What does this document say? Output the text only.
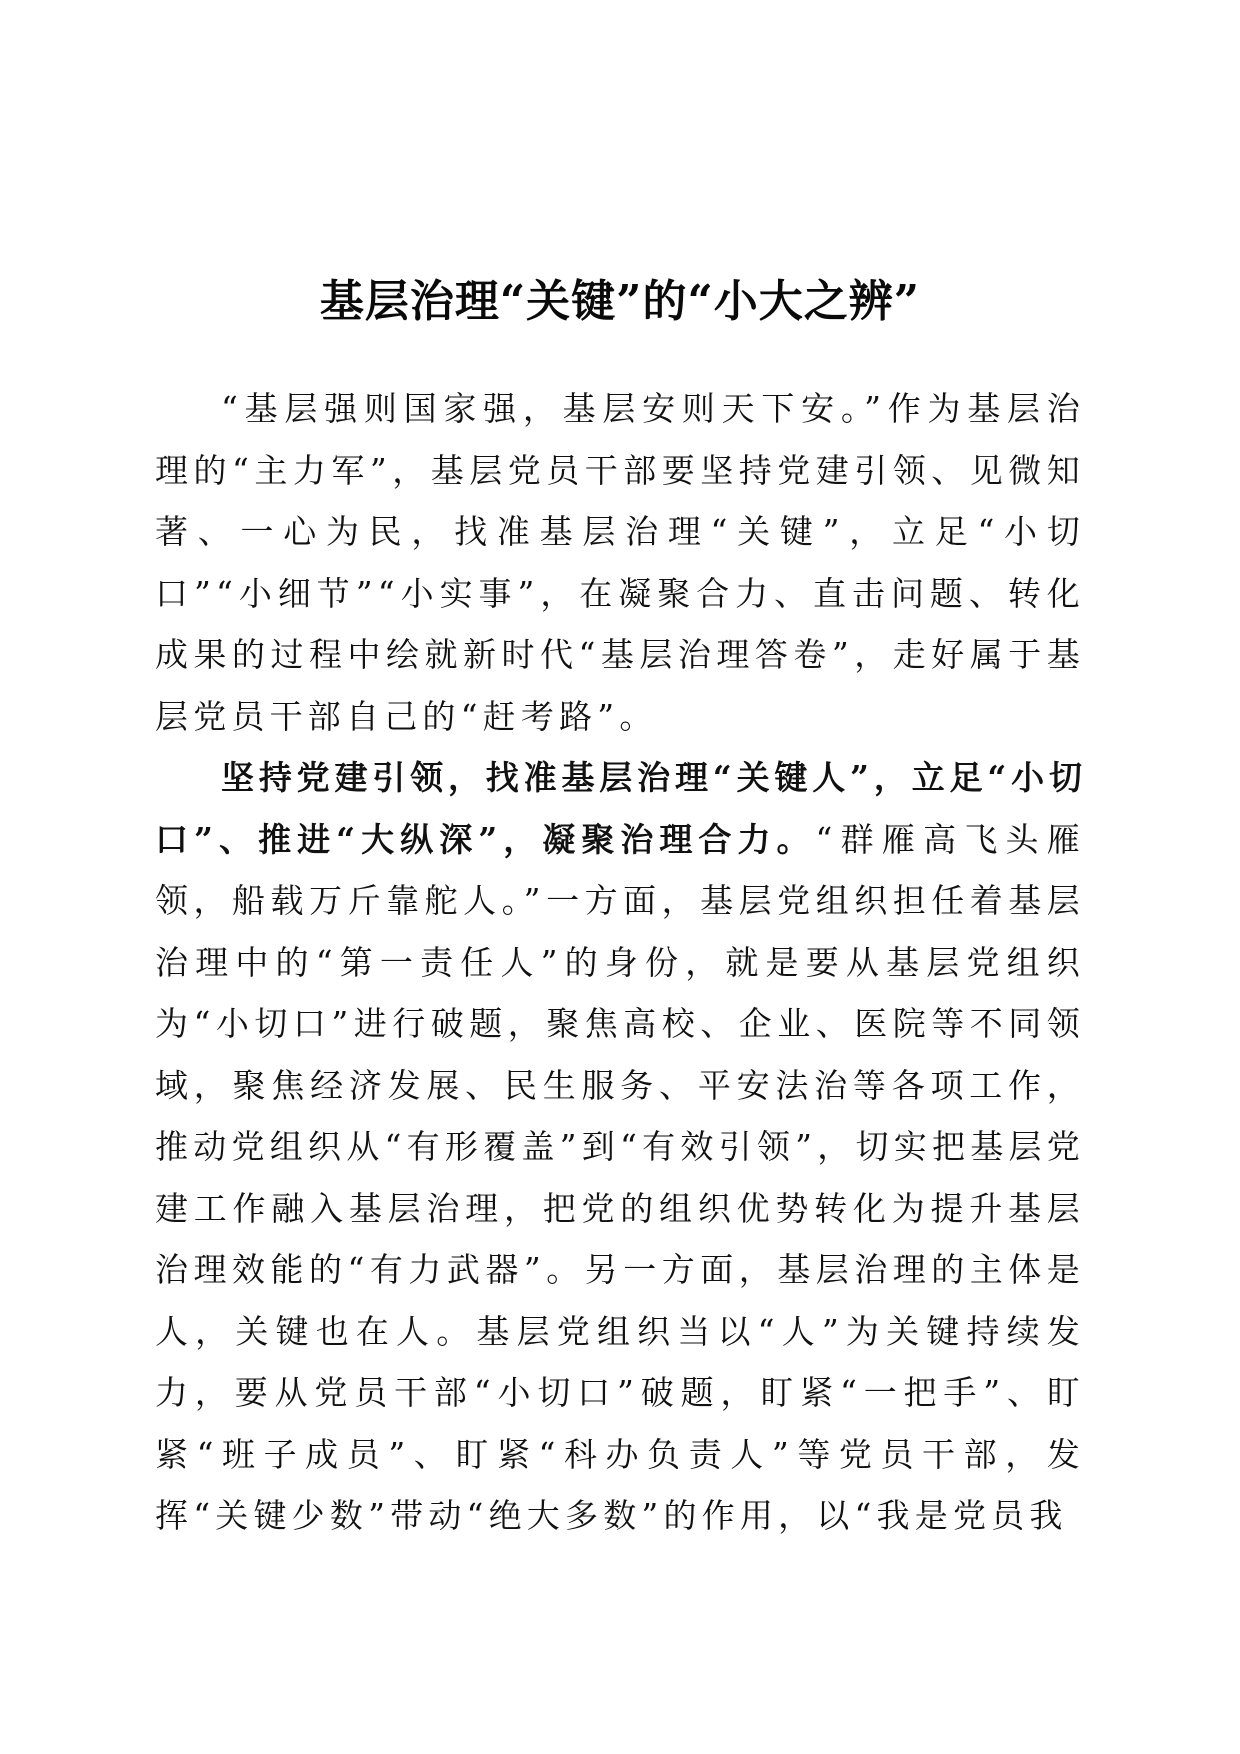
基层治理“关键”的“小大之辨”

“基层强则国家强，基层安则天下安。”作为基层治理的“主力军”，基层党员干部要坚持党建引领、见微知著、一心为民，找准基层治理“关键”，立足“小切口”“小细节”“小实事”，在凝聚合力、直击问题、转化成果的过程中绘就新时代“基层治理答卷”，走好属于基层党员干部自己的“赶考路”。

坚持党建引领，找准基层治理“关键人”，立足“小切口”、推进“大纵深”，凝聚治理合力。“群雁高飞头雁领，船载万斤靠舵人。”一方面，基层党组织担任着基层治理中的“第一责任人”的身份，就是要从基层党组织为“小切口”进行破题，聚焦高校、企业、医院等不同领域，聚焦经济发展、民生服务、平安法治等各项工作，推动党组织从“有形覆盖”到“有效引领”，切实把基层党建工作融入基层治理，把党的组织优势转化为提升基层治理效能的“有力武器”。另一方面，基层治理的主体是人，关键也在人。基层党组织当以“人”为关键持续发力，要从党员干部“小切口”破题，盯紧“一把手”、盯紧“班子成员”、盯紧“科办负责人”等党员干部，发挥“关键少数”带动“绝大多数”的作用，以“我是党员我
